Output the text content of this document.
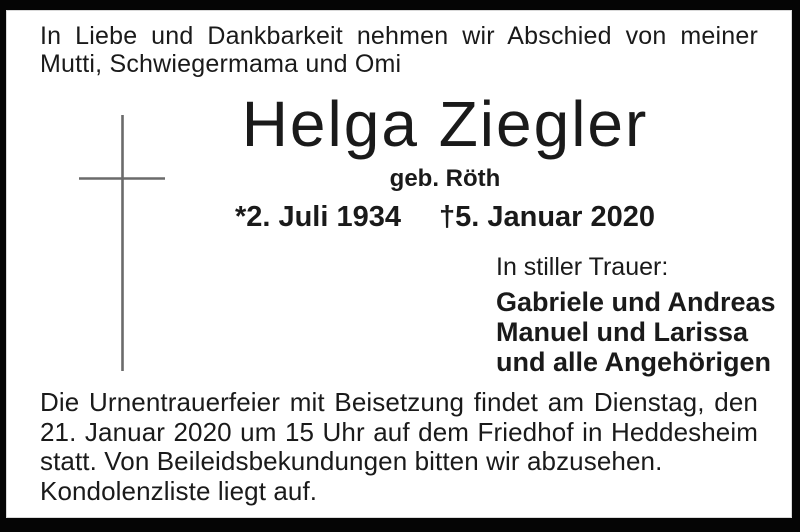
In Liebe und Dankbarkeit nehmen wir Abschied von meiner

Mutti, Schwiegermama und Omi

Helga Ziegler
geb. Röth
*2. Juli 1934 †5. Januar 2020
In stiller Trauer:
Gabriele und Andreas
Manuel und Larissa
und alle Angehörigen

Die Urnentrauerfeier mit Beisetzung findet am Dienstag, den

21. Januar 2020 um 15 Uhr auf dem Friedhof in Heddesheim

statt. Von Beileidsbekundungen bitten wir abzusehen.

Kondolenzliste liegt auf.
